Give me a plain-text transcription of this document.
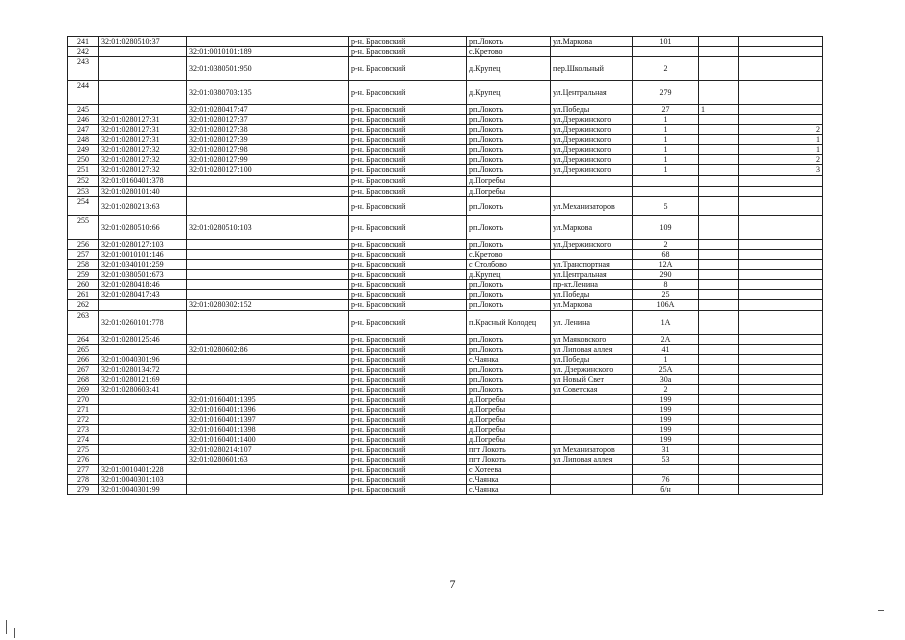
241	32:01:0280510:37		р-н. Брасовский	рп.Локоть	ул.Маркова	101		
242		32:01:0010101:189	р-н. Брасовский	с.Кретово				
243		32:01:0380501:950	р-н. Брасовский	д.Крупец	пер.Школьный	2		
244		32:01:0380703:135	р-н. Брасовский	д.Крупец	ул.Центральная	279		
245		32:01:0280417:47	р-н. Брасовский	рп.Локоть	ул.Победы	27	1	
246	32:01:0280127:31	32:01:0280127:37	р-н. Брасовский	рп.Локоть	ул.Дзержинского	1		
247	32:01:0280127:31	32:01:0280127:38	р-н. Брасовский	рп.Локоть	ул.Дзержинского	1		2
248	32:01:0280127:31	32:01:0280127:39	р-н. Брасовский	рп.Локоть	ул.Дзержинского	1		1
249	32:01:0280127:32	32:01:0280127:98	р-н. Брасовский	рп.Локоть	ул.Дзержинского	1		1
250	32:01:0280127:32	32:01:0280127:99	р-н. Брасовский	рп.Локоть	ул.Дзержинского	1		2
251	32:01:0280127:32	32:01:0280127:100	р-н. Брасовский	рп.Локоть	ул.Дзержинского	1		3
252	32:01:0160401:378		р-н. Брасовский	д.Погребы				
253	32:01:0280101:40		р-н. Брасовский	д.Погребы				
254	32:01:0280213:63		р-н. Брасовский	рп.Локоть	ул.Механизаторов	5		
255	32:01:0280510:66	32:01:0280510:103	р-н. Брасовский	рп.Локоть	ул.Маркова	109		
256	32:01:0280127:103		р-н. Брасовский	рп.Локоть	ул.Дзержинского	2		
257	32:01:0010101:146		р-н. Брасовский	с.Кретово		68		
258	32:01:0340101:259		р-н. Брасовский	с Столбово	ул.Транспортная	12А		
259	32:01:0380501:673		р-н. Брасовский	д.Крупец	ул.Центральная	290		
260	32:01:0280418:46		р-н. Брасовский	рп.Локоть	пр-кт.Ленина	8		
261	32:01:0280417:43		р-н. Брасовский	рп.Локоть	ул.Победы	25		
262		32:01:0280302:152	р-н. Брасовский	рп.Локоть	ул.Маркова	106А		
263	32:01:0260101:778		р-н. Брасовский	п.Красный Колодец	ул. Ленина	1А		
264	32:01:0280125:46		р-н. Брасовский	рп.Локоть	ул Маяковского	2А		
265		32:01:0280602:86	р-н. Брасовский	рп.Локоть	ул Липовая аллея	41		
266	32:01:0040301:96		р-н. Брасовский	с.Чаянка	ул.Победы	1		
267	32:01:0280134:72		р-н. Брасовский	рп.Локоть	ул. Дзержинского	25А		
268	32:01:0280121:69		р-н. Брасовский	рп.Локоть	ул Новый Свет	30а		
269	32:01:0280603:41		р-н. Брасовский	рп.Локоть	ул Советская	2		
270		32:01:0160401:1395	р-н. Брасовский	д.Погребы		199		
271		32:01:0160401:1396	р-н. Брасовский	д.Погребы		199		
272		32:01:0160401:1397	р-н. Брасовский	д.Погребы		199		
273		32:01:0160401:1398	р-н. Брасовский	д.Погребы		199		
274		32:01:0160401:1400	р-н. Брасовский	д.Погребы		199		
275		32:01:0280214:107	р-н. Брасовский	пгт Локоть	ул Механизаторов	31		
276		32:01:0280601:63	р-н. Брасовский	пгт Локоть	ул Липовая аллея	53		
277	32:01:0010401:228		р-н. Брасовский	с Хотеева				
278	32:01:0040301:103		р-н. Брасовский	с.Чаянка		76		
279	32:01:0040301:99		р-н. Брасовский	с.Чаянка		б/н		
7
